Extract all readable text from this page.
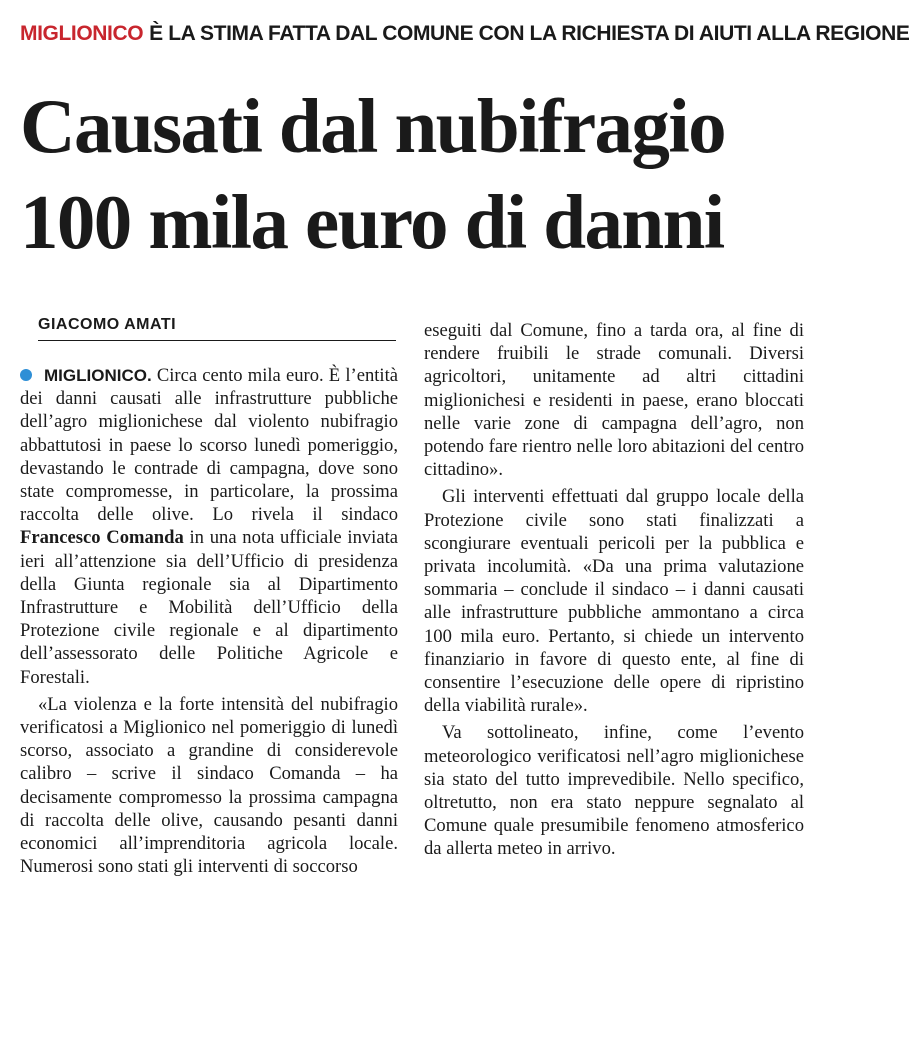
MIGLIONICO È LA STIMA FATTA DAL COMUNE CON LA RICHIESTA DI AIUTI ALLA REGIONE
Causati dal nubifragio
100 mila euro di danni
GIACOMO AMATI

MIGLIONICO. Circa cento mila euro. È l’entità dei danni causati alle infrastrutture pubbliche dell’agro miglionichese dal violento nubifragio abbattutosi in paese lo scorso lunedì pomeriggio, devastando le contrade di campagna, dove sono state compromesse, in particolare, la prossima raccolta delle olive. Lo rivela il sindaco Francesco Comanda in una nota ufficiale inviata ieri all’attenzione sia dell’Ufficio di presidenza della Giunta regionale sia al Dipartimento Infrastrutture e Mobilità dell’Ufficio della Protezione civile regionale e al dipartimento dell’assessorato delle Politiche Agricole e Forestali.

«La violenza e la forte intensità del nubifragio verificatosi a Miglionico nel pomeriggio di lunedì scorso, associato a grandine di considerevole calibro – scrive il sindaco Comanda – ha decisamente compromesso la prossima campagna di raccolta delle olive, causando pesanti danni economici all’imprenditoria agricola locale. Numerosi sono stati gli interventi di soccorso

eseguiti dal Comune, fino a tarda ora, al fine di rendere fruibili le strade comunali. Diversi agricoltori, unitamente ad altri cittadini miglionichesi e residenti in paese, erano bloccati nelle varie zone di campagna dell’agro, non potendo fare rientro nelle loro abitazioni del centro cittadino».

Gli interventi effettuati dal gruppo locale della Protezione civile sono stati finalizzati a scongiurare eventuali pericoli per la pubblica e privata incolumità. «Da una prima valutazione sommaria – conclude il sindaco – i danni causati alle infrastrutture pubbliche ammontano a circa 100 mila euro. Pertanto, si chiede un intervento finanziario in favore di questo ente, al fine di consentire l’esecuzione delle opere di ripristino della viabilità rurale».

Va sottolineato, infine, come l’evento meteorologico verificatosi nell’agro miglionichese sia stato del tutto imprevedibile. Nello specifico, oltretutto, non era stato neppure segnalato al Comune quale presumibile fenomeno atmosferico da allerta meteo in arrivo.
